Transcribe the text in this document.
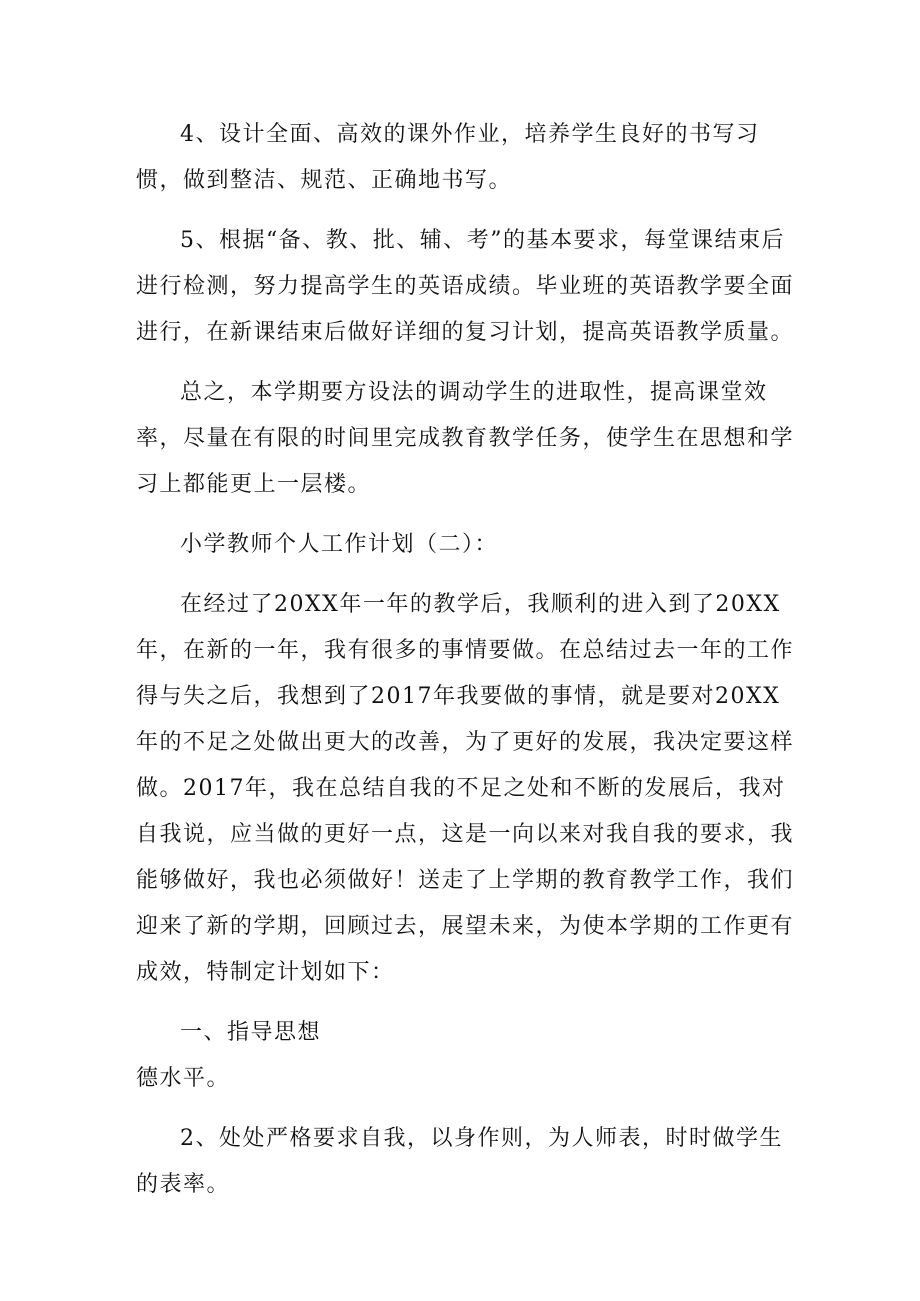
4、设计全面、高效的课外作业，培养学生良好的书写习惯，做到整洁、规范、正确地书写。

5、根据“备、教、批、辅、考”的基本要求，每堂课结束后进行检测，努力提高学生的英语成绩。毕业班的英语教学要全面进行，在新课结束后做好详细的复习计划，提高英语教学质量。

总之，本学期要方设法的调动学生的进取性，提高课堂效率，尽量在有限的时间里完成教育教学任务，使学生在思想和学习上都能更上一层楼。

小学教师个人工作计划（二）：

在经过了20XX年一年的教学后，我顺利的进入到了20XX年，在新的一年，我有很多的事情要做。在总结过去一年的工作得与失之后，我想到了2017年我要做的事情，就是要对20XX年的不足之处做出更大的改善，为了更好的发展，我决定要这样做。2017年，我在总结自我的不足之处和不断的发展后，我对自我说，应当做的更好一点，这是一向以来对我自我的要求，我能够做好，我也必须做好！送走了上学期的教育教学工作，我们迎来了新的学期，回顾过去，展望未来，为使本学期的工作更有成效，特制定计划如下：

一、指导思想

德水平。

2、处处严格要求自我，以身作则，为人师表，时时做学生的表率。
